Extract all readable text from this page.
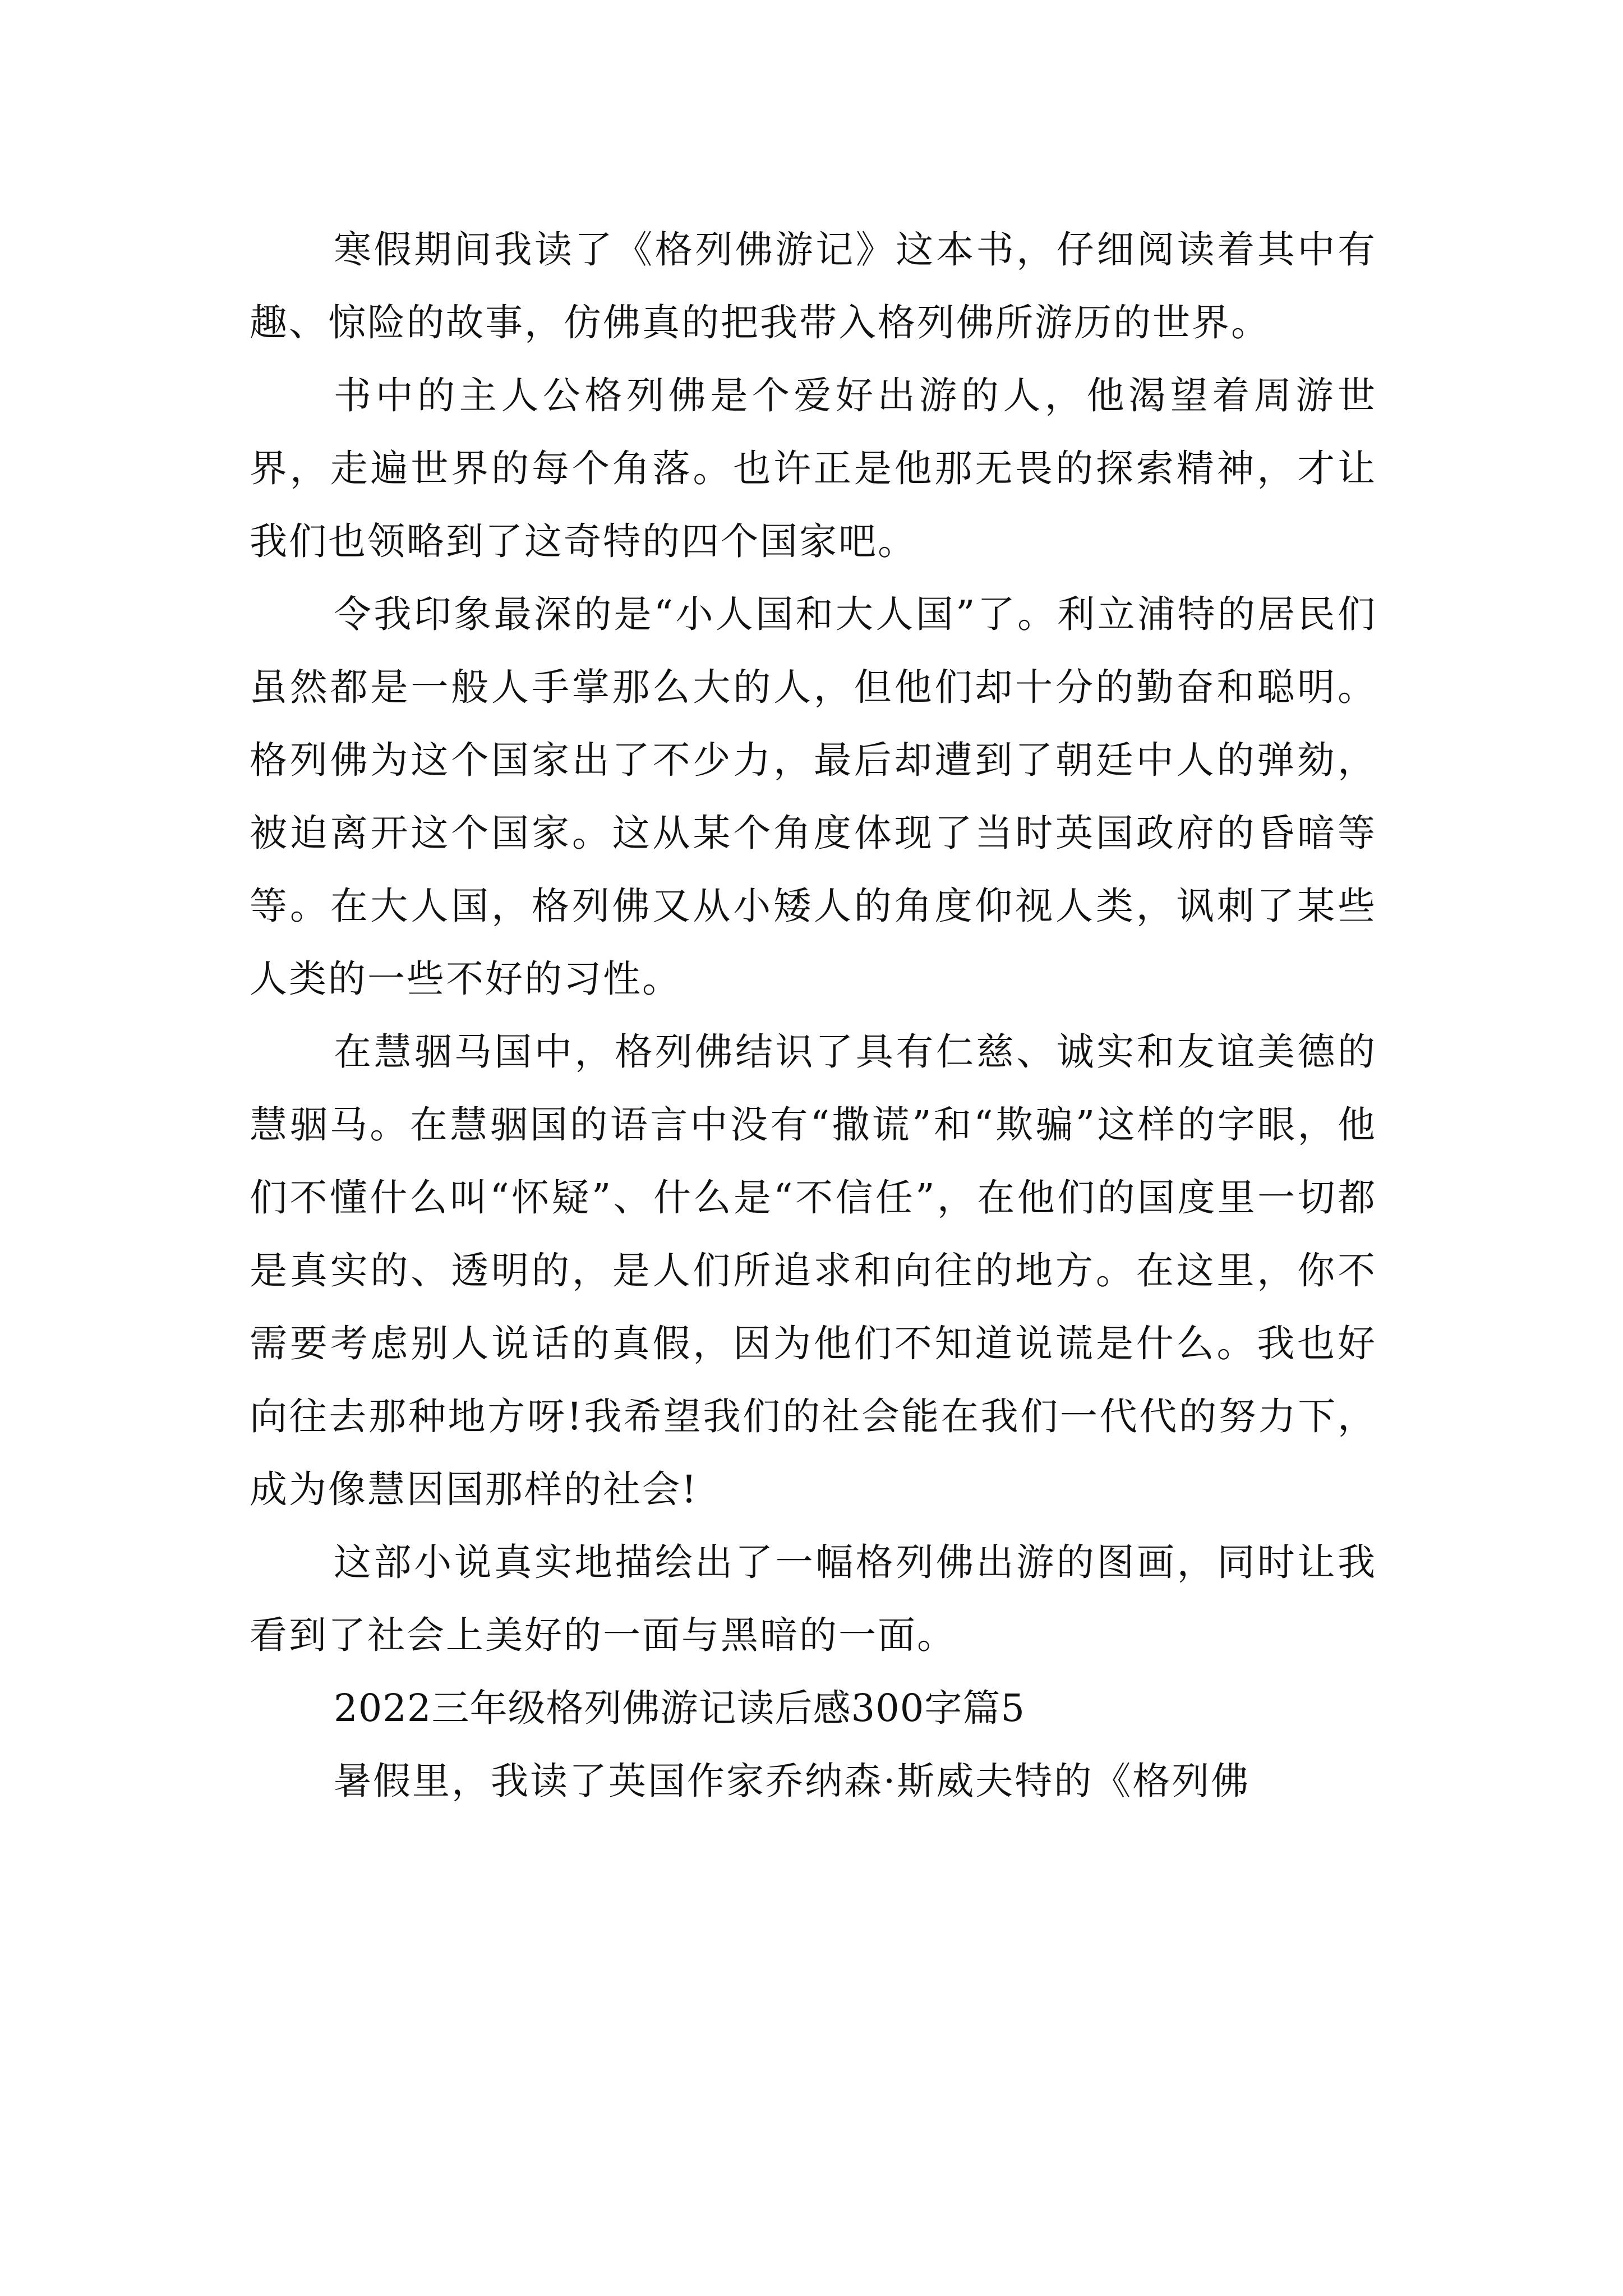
寒假期间我读了《格列佛游记》这本书，仔细阅读着其中有趣、惊险的故事，仿佛真的把我带入格列佛所游历的世界。

书中的主人公格列佛是个爱好出游的人，他渴望着周游世界，走遍世界的每个角落。也许正是他那无畏的探索精神，才让我们也领略到了这奇特的四个国家吧。

令我印象最深的是“小人国和大人国”了。利立浦特的居民们虽然都是一般人手掌那么大的人，但他们却十分的勤奋和聪明。格列佛为这个国家出了不少力，最后却遭到了朝廷中人的弹劾，被迫离开这个国家。这从某个角度体现了当时英国政府的昏暗等等。在大人国，格列佛又从小矮人的角度仰视人类，讽刺了某些人类的一些不好的习性。

在慧骃马国中，格列佛结识了具有仁慈、诚实和友谊美德的慧骃马。在慧骃国的语言中没有“撒谎”和“欺骗”这样的字眼，他们不懂什么叫“怀疑”、什么是“不信任”，在他们的国度里一切都是真实的、透明的，是人们所追求和向往的地方。在这里，你不需要考虑别人说话的真假，因为他们不知道说谎是什么。我也好向往去那种地方呀!我希望我们的社会能在我们一代代的努力下，成为像慧因国那样的社会!

这部小说真实地描绘出了一幅格列佛出游的图画，同时让我看到了社会上美好的一面与黑暗的一面。

2022三年级格列佛游记读后感300字篇5

暑假里，我读了英国作家乔纳森·斯威夫特的《格列佛
